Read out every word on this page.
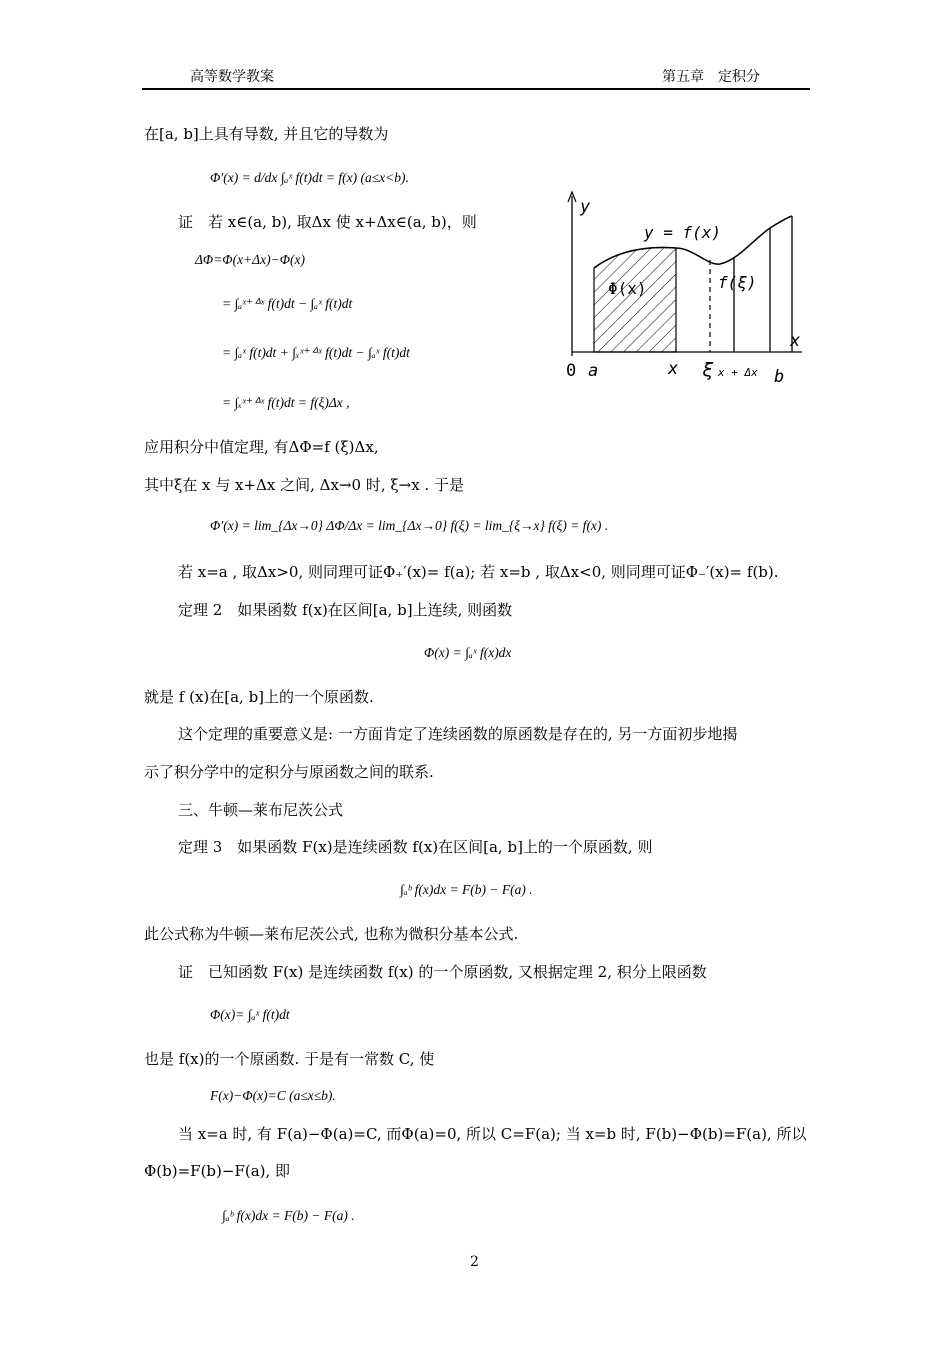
高等数学教案	第五章　定积分
在[a, b]上具有导数, 并且它的导数为
Φ′(x) = d/dx ∫ₐˣ f(t)dt = f(x) (a≤x<b).
证　若 x∈(a, b), 取Δx 使 x+Δx∈(a, b)，则
ΔΦ=Φ(x+Δx)−Φ(x)
= ∫ₐˣ⁺ᐞˣ f(t)dt − ∫ₐˣ f(t)dt
= ∫ₐˣ f(t)dt + ∫ₓˣ⁺ᐞˣ f(t)dt − ∫ₐˣ f(t)dt
= ∫ₓˣ⁺ᐞˣ f(t)dt = f(ξ)Δx ,
应用积分中值定理, 有ΔΦ=f (ξ)Δx,
其中ξ在 x 与 x+Δx 之间, Δx→0 时, ξ→x . 于是
Φ′(x) = lim_{Δx→0} ΔΦ/Δx = lim_{Δx→0} f(ξ) = lim_{ξ→x} f(ξ) = f(x) .
若 x=a , 取Δx>0, 则同理可证Φ₊′(x)= f(a); 若 x=b , 取Δx<0, 则同理可证Φ₋′(x)= f(b).
定理 2　如果函数 f(x)在区间[a, b]上连续, 则函数
Φ(x) = ∫ₐˣ f(x)dx
就是 f (x)在[a, b]上的一个原函数.
这个定理的重要意义是: 一方面肯定了连续函数的原函数是存在的, 另一方面初步地揭
示了积分学中的定积分与原函数之间的联系.
三、牛顿—莱布尼茨公式
定理 3　如果函数 F(x)是连续函数 f(x)在区间[a, b]上的一个原函数, 则
∫ₐᵇ f(x)dx = F(b) − F(a) .
此公式称为牛顿—莱布尼茨公式, 也称为微积分基本公式.
证　已知函数 F(x) 是连续函数 f(x) 的一个原函数, 又根据定理 2, 积分上限函数
Φ(x)= ∫ₐˣ f(t)dt
也是 f(x)的一个原函数. 于是有一常数 C, 使
F(x)−Φ(x)=C (a≤x≤b).
当 x=a 时, 有 F(a)−Φ(a)=C, 而Φ(a)=0, 所以 C=F(a); 当 x=b 时, F(b)−Φ(b)=F(a), 所以
Φ(b)=F(b)−F(a), 即
∫ₐᵇ f(x)dx = F(b) − F(a) .
y
y = f(x)
Φ(x)	f(ξ)
x
0 a	x ξ x + Δx b
2
